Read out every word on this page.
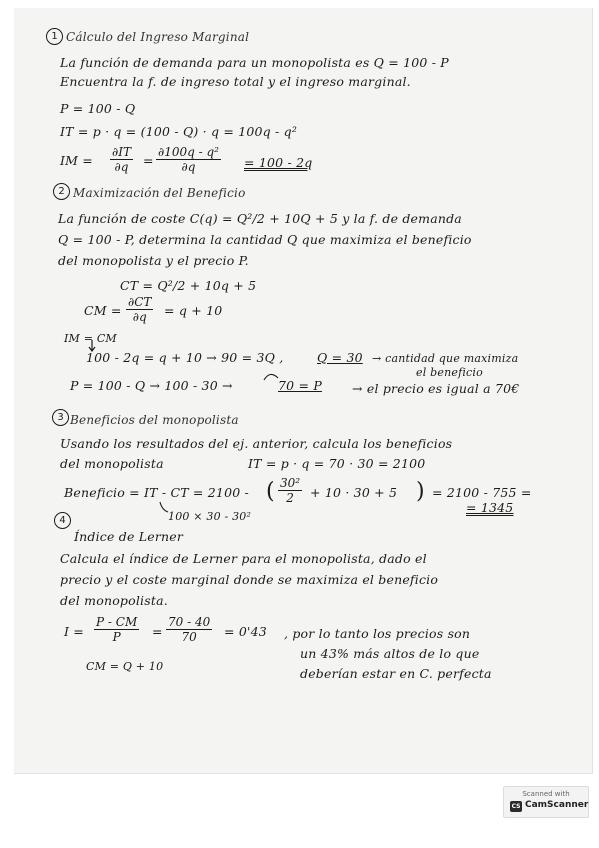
1 Cálculo del Ingreso Marginal
La función de demanda para un monopolista es Q = 100 - P
Encuentra la f. de ingreso total y el ingreso marginal.
P = 100 - Q
IT = p · q = (100 - Q) · q = 100q - q²
IM = $\frac{\partial IT}{\partial q} = \frac{\text{∂100q - q²}}{\partial q} = 100 - 2q$
2 Maximización del Beneficio
La función de coste C(q) = Q²/2 + 10Q + 5 y la f. de demanda
Q = 100 - P, determina la cantidad Q que maximiza el beneficio
del monopolista y el precio P.
CT = Q²/2 + 10q + 5
CM = $\frac{\partial CT}{\partial q} = q + 10$
IM = CM
100 - 2q = q + 10 → 90 = 3Q ,	Q = 30 → cantidad que maximiza
el beneficio
P = 100 - Q → 100 - 30 →	70 = P → el precio es igual a 70€
3 Beneficios del monopolista
Usando los resultados del ej. anterior, calcula los beneficios
del monopolista	IT = p · q = 70 · 30 = 2100
Beneficio = IT - CT = 2100 - ( $\frac{\text{30²}}{2} + 10 \cdot 30 + 5$ ) = 2100 - 755 =
= 1345
100 × 30 - 30²
4
Índice de Lerner
Calcula el índice de Lerner para el monopolista, dado el
precio y el coste marginal donde se maximiza el beneficio
del monopolista.
$I = \frac{P - CM}{P} = \frac{70 - 40}{70} = 0'43$ , por lo tanto los precios son
un 43% más altos de lo que
deberían estar en C. perfecta
CM = Q + 10
Scanned with
CS CamScanner
